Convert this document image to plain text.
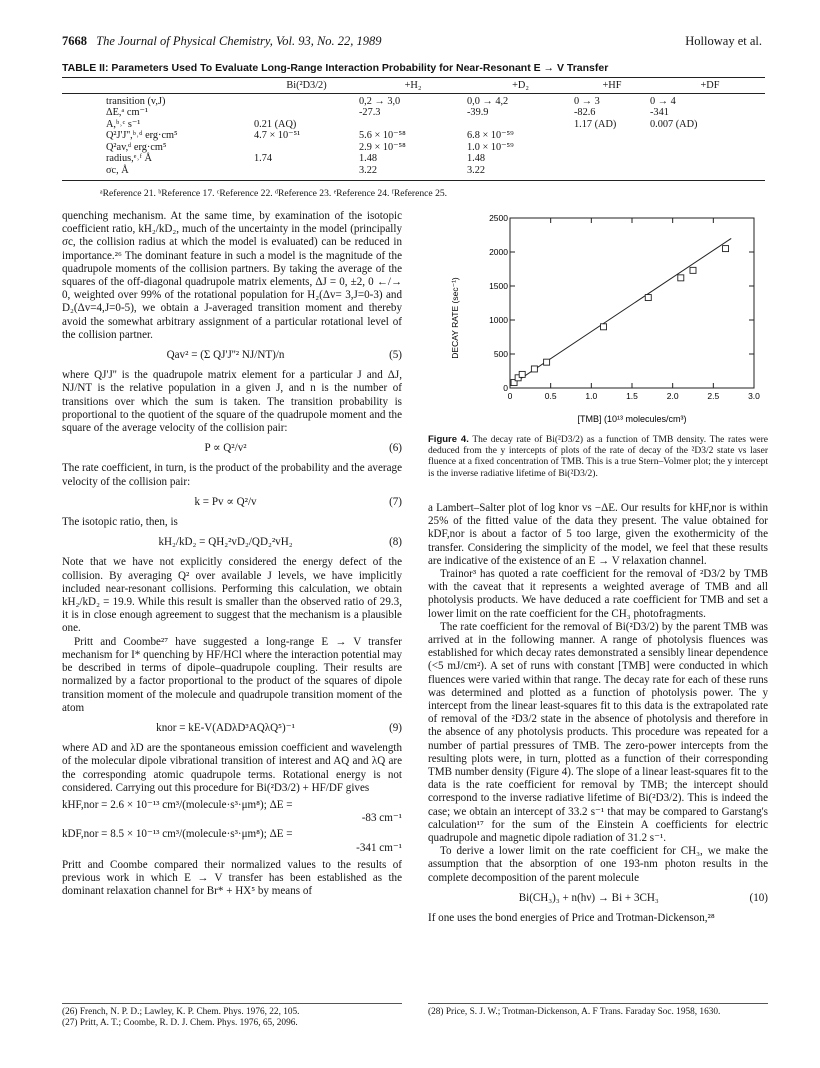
7668 The Journal of Physical Chemistry, Vol. 93, No. 22, 1989	Holloway et al.
TABLE II: Parameters Used To Evaluate Long-Range Interaction Probability for Near-Resonant E → V Transfer
	Bi(²D3/2)	+H₂	+D₂	+HF	+DF

transition (v,J)		0,2 → 3,0	0,0 → 4,2	0 → 3	0 → 4
ΔE,ᵃ cm⁻¹		-27.3	-39.9	-82.6	-341
A,ᵇ˒ᶜ s⁻¹	0.21 (AQ)			1.17 (AD)	0.007 (AD)
Q²J'J'',ᵇ˒ᵈ erg·cm⁵	4.7 × 10⁻⁵¹	5.6 × 10⁻⁵⁸	6.8 × 10⁻⁵⁹		
Q²av,ᵈ erg·cm⁵		2.9 × 10⁻⁵⁸	1.0 × 10⁻⁵⁹		
radius,ᵉ˒ᶠ Å	1.74	1.48	1.48		
σc, Å		3.22	3.22		
ᵃReference 21. ᵇReference 17. ᶜReference 22. ᵈReference 23. ᵉReference 24. ᶠReference 25.

quenching mechanism. At the same time, by examination of the isotopic coefficient ratio, kH₂/kD₂, much of the uncertainty in the model (principally σc, the collision radius at which the model is evaluated) can be reduced in importance.²⁶ The dominant feature in such a model is the magnitude of the quadrupole moments of the collision partners. By taking the average of the squares of the off-diagonal quadrupole matrix elements, ΔJ = 0, ±2, 0 ←/→ 0, weighted over 99% of the rotational population for H₂(Δv= 3,J=0-3) and D₂(Δv=4,J=0-5), we obtain a J-averaged transition moment and thereby avoid the somewhat arbitrary assignment of a particular rotational level of the collision partner.

Qav² = (Σ QJ'J''² NJ/NT)/n	(5)

where QJ'J'' is the quadrupole matrix element for a particular J and ΔJ, NJ/NT is the relative population in a given J, and n is the number of transitions over which the sum is taken. The transition probability is proportional to the quotient of the square of the quadrupole moment and the square of the average velocity of the collision pair:

P ∝ Q²/v²	(6)

The rate coefficient, in turn, is the product of the probability and the average velocity of the collision pair:

k = Pv ∝ Q²/v	(7)

The isotopic ratio, then, is

kH₂/kD₂ = QH₂²vD₂/QD₂²vH₂	(8)

Note that we have not explicitly considered the energy defect of the collision. By averaging Q² over available J levels, we have implicitly included near-resonant collisions. Performing this calculation, we obtain kH₂/kD₂ = 19.9. While this result is smaller than the observed ratio of 29.3, it is in close enough agreement to suggest that the mechanism is a plausible one.

Pritt and Coombe²⁷ have suggested a long-range E → V transfer mechanism for I* quenching by HF/HCl where the interaction potential may be described in terms of dipole–quadrupole coupling. Their results are normalized by a factor proportional to the product of the squares of dipole transition moment of the molecule and quadrupole transition moment of the atom

knor = kE-V(ADλD³AQλQ⁵)⁻¹	(9)

where AD and λD are the spontaneous emission coefficient and wavelength of the molecular dipole vibrational transition of interest and AQ and λQ are the corresponding atomic quadrupole terms. Rotational energy is not considered. Carrying out this procedure for Bi(²D3/2) + HF/DF gives

kHF,nor = 2.6 × 10⁻¹³ cm³/(molecule·s³·μm⁸); ΔE =

-83 cm⁻¹

kDF,nor = 8.5 × 10⁻¹³ cm³/(molecule·s³·μm⁸); ΔE =

-341 cm⁻¹

Pritt and Coombe compared their normalized values to the results of previous work in which E → V transfer has been established as the dominant relaxation channel for Br* + HX⁵ by means of

0	0.5	1.0	1.5	2.0	2.5	3.0
0
500
1000
1500
2000
2500
[TMB] (10¹³ molecules/cm³)
DECAY RATE (sec⁻¹)
Figure 4. The decay rate of Bi(²D3/2) as a function of TMB density. The rates were deduced from the y intercepts of plots of the rate of decay of the ²D3/2 state vs laser fluence at a fixed concentration of TMB. This is a true Stern–Volmer plot; the y intercept is the inverse radiative lifetime of Bi(²D3/2).

a Lambert–Salter plot of log knor vs −ΔE. Our results for kHF,nor is within 25% of the fitted value of the data they present. The value obtained for kDF,nor is about a factor of 5 too large, given the exothermicity of the transfer. Considering the simplicity of the model, we feel that these results are indicative of the existence of an E → V relaxation channel.

Trainor³ has quoted a rate coefficient for the removal of ²D3/2 by TMB with the caveat that it represents a weighted average of TMB and all photolysis products. We have deduced a rate coefficient for TMB and set a lower limit on the rate coefficient for the CH₃ photofragments.

The rate coefficient for the removal of Bi(²D3/2) by the parent TMB was arrived at in the following manner. A range of photolysis fluences was established for which decay rates demonstrated a sensibly linear dependence (<5 mJ/cm²). A set of runs with constant [TMB] were conducted in which fluences were varied within that range. The decay rate for each of these runs was determined and plotted as a function of photolysis power. The y intercept from the linear least-squares fit to this data is the extrapolated rate of removal of the ²D3/2 state in the absence of photolysis and therefore in the absence of any photolysis products. This procedure was repeated for a number of partial pressures of TMB. The zero-power intercepts from the resulting plots were, in turn, plotted as a function of their corresponding TMB number density (Figure 4). The slope of a linear least-squares fit to the data is the rate coefficient for removal by TMB; the intercept should correspond to the inverse radiative lifetime of Bi(²D3/2). This is indeed the case; we obtain an intercept of 33.2 s⁻¹ that may be compared to Garstang's calculation¹⁷ for the sum of the Einstein A coefficients for electric quadrupole and magnetic dipole radiation of 31.2 s⁻¹.

To derive a lower limit on the rate coefficient for CH₃, we make the assumption that the absorption of one 193-nm photon results in the complete decomposition of the parent molecule

Bi(CH₃)₃ + n(hν) → Bi + 3CH₃	(10)

If one uses the bond energies of Price and Trotman-Dickenson,²⁸

(26) French, N. P. D.; Lawley, K. P. Chem. Phys. 1976, 22, 105.
(27) Pritt, A. T.; Coombe, R. D. J. Chem. Phys. 1976, 65, 2096.
(28) Price, S. J. W.; Trotman-Dickenson, A. F Trans. Faraday Soc. 1958, 1630.
